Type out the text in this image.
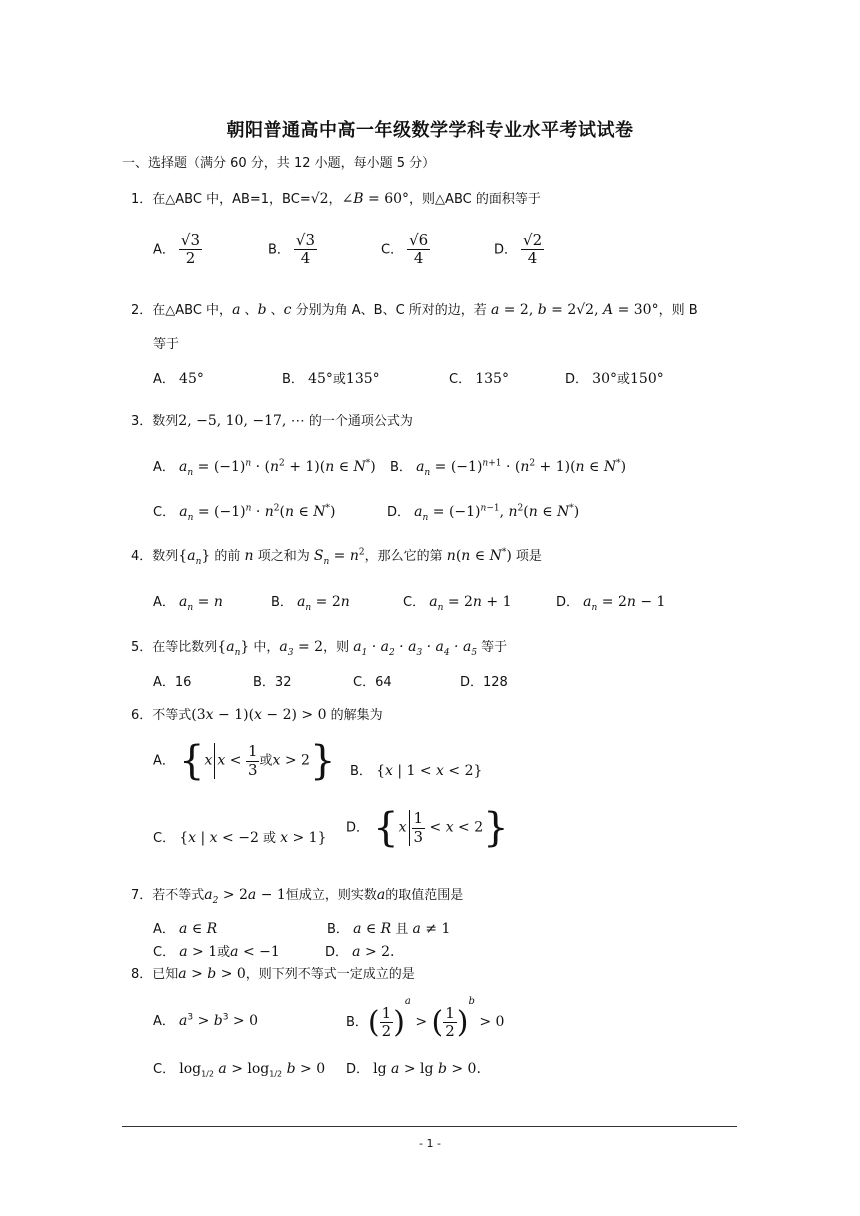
朝阳普通高中高一年级数学学科专业水平考试试卷
一、选择题（满分 60 分，共 12 小题，每小题 5 分）
1．在△ABC 中，AB=1，BC=√2，∠B = 60°，则△ABC 的面积等于
A． $\frac{√3}{2}$	B． $\frac{√3}{4}$	C． $\frac{√6}{4}$	D． $\frac{√2}{4}$
2．在△ABC 中，a 、b 、c 分别为角 A、B、C 所对的边，若 a = 2, b = 2√2, A = 30°，则 B
等于
A． 45°	B． 45°或135°	C． 135°	D． 30°或150°
3．数列2, −5, 10, −17, ⋯ 的一个通项公式为
A． $a_n = (-1)^n \cdot (n^2 + 1)(n$ ∈ N*) B． $a_n = (-1)^{n+1} \cdot (n^2 + 1)(n$ ∈ N*)
C． $a_n = (-1)^n \cdot n^2(n$ ∈ N*)	D． $a_n = (-1)^{n-1}$, $n^2(n$ ∈ N*)
4．数列$\{a_n\}$ 的前 n 项之和为 $S_n = n^2$，那么它的第 n(n ∈ N*) 项是
A． $a_n = n$	B． $a_n = 2n$	C． $a_n = 2n + 1$	D． $a_n = 2n - 1$
5．在等比数列$\{a_n\}$ 中，$a_3 = 2$，则 $a_1 \cdot a_2 \cdot a_3 \cdot a_4 \cdot a_5$ 等于
A．16	B．32	C．64	D．128
6．不等式(3x − 1)(x − 2) > 0 的解集为
A． {x $x < \frac{1}{3}$ 或x > 2} B． {x | 1 < x < 2}
C． {x | x < −2 或 x > 1}
D． $\{x \frac{1}{3} < x < 2\}$
7．若不等式$a_2 > 2a - 1$恒成立，则实数a的取值范围是
A． a ∈ R	B． a ∈ R 且 a ≠ 1
C． a > 1或a < −1	D． a > 2.
8．已知a > b > 0，则下列不等式一定成立的是
A． $a^3 > b^3 > 0$	B．( $\frac{1}{2} )^a$ > ( $\frac{1}{2} )^b > 0$
C． $\log_{1/2} a > \log_{1/2} b > 0$ D． lg a > lg b > 0.
- 1 -
